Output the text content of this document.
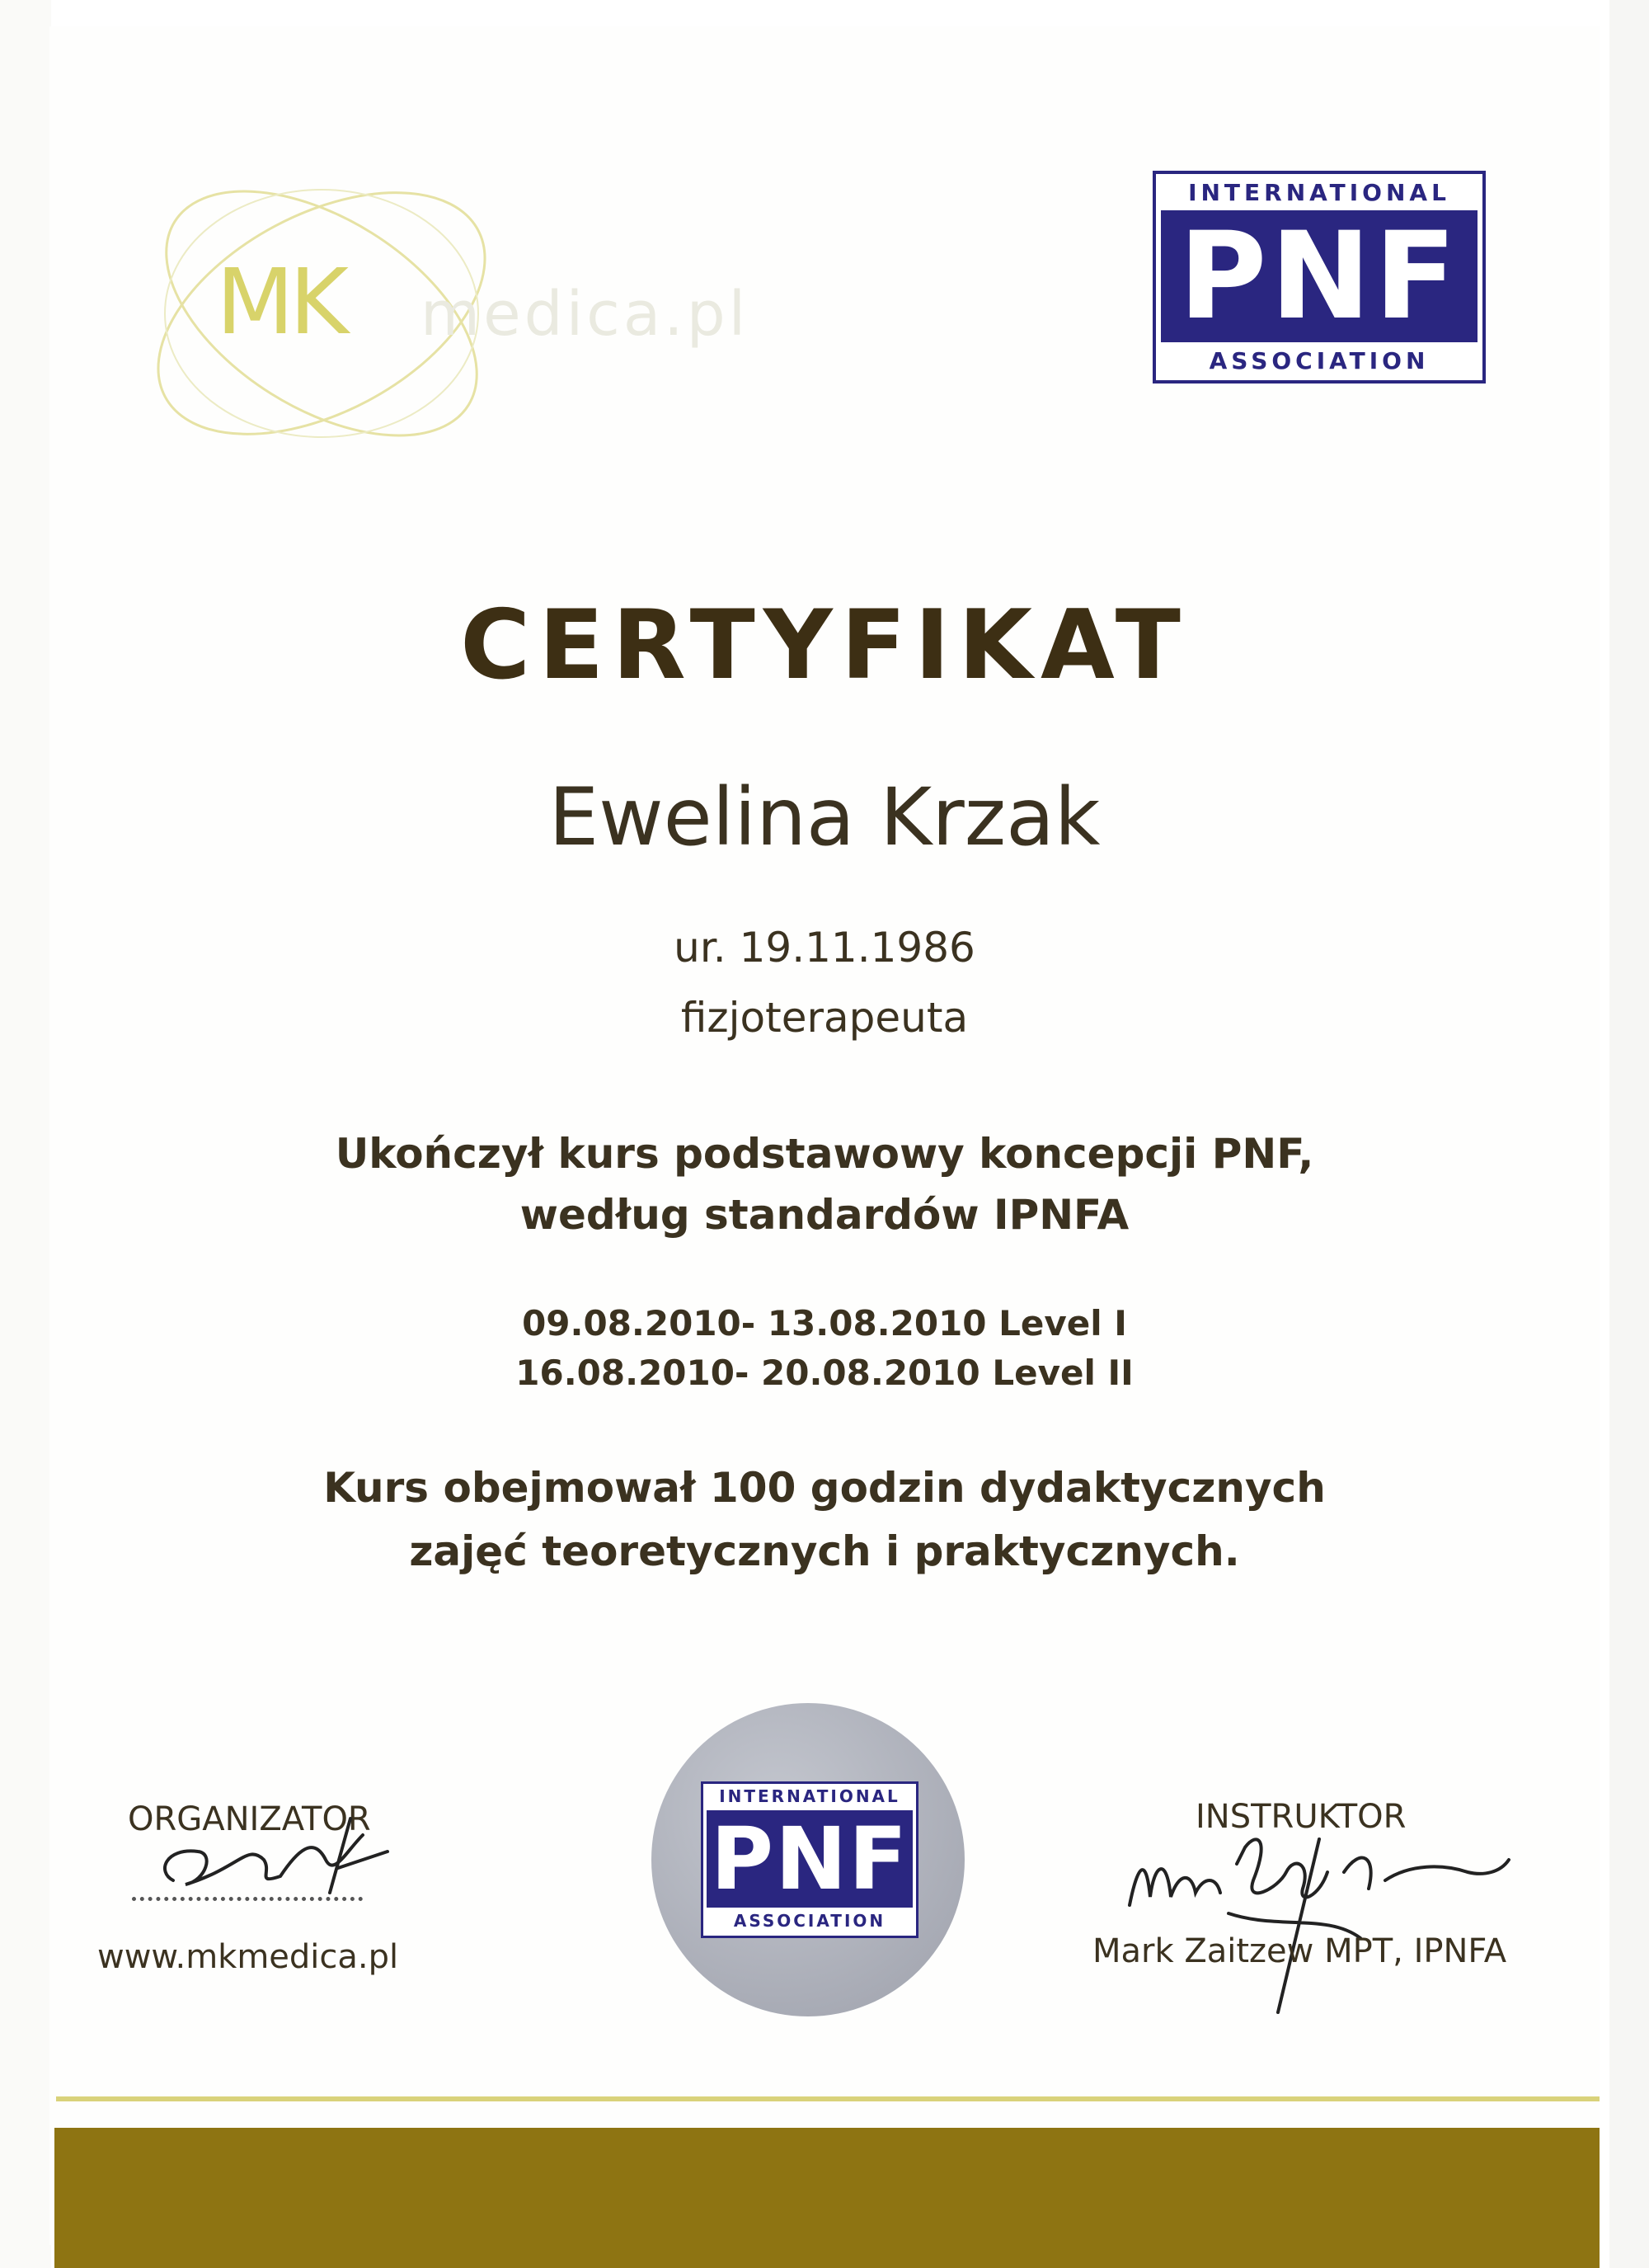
MK medica.pl
INTERNATIONAL
PNF
ASSOCIATION
CERTYFIKAT
Ewelina Krzak
ur. 19.11.1986
fizjoterapeuta
Ukończył kurs podstawowy koncepcji PNF,
według standardów IPNFA
09.08.2010- 13.08.2010 Level I
16.08.2010- 20.08.2010 Level II
Kurs obejmował 100 godzin dydaktycznych
zajęć teoretycznych i praktycznych.
INTERNATIONAL
PNF
ASSOCIATION
ORGANIZATOR
www.mkmedica.pl
INSTRUKTOR
Mark Zaitzew MPT, IPNFA
